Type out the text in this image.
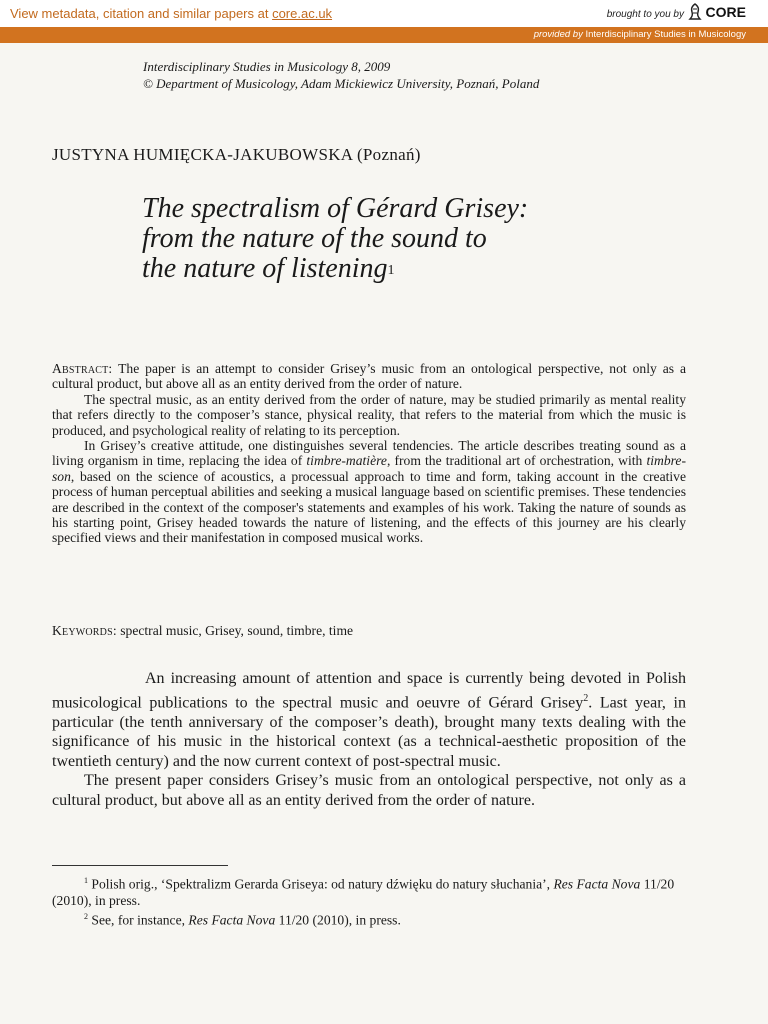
View metadata, citation and similar papers at core.ac.uk	brought to you by CORE
provided by Interdisciplinary Studies in Musicology
Interdisciplinary Studies in Musicology 8, 2009
© Department of Musicology, Adam Mickiewicz University, Poznań, Poland
JUSTYNA HUMIĘCKA-JAKUBOWSKA (Poznań)
The spectralism of Gérard Grisey:
from the nature of the sound to
the nature of listening$^1$

Abstract: The paper is an attempt to consider Grisey’s music from an ontological perspective, not only as a cultural product, but above all as an entity derived from the order of nature.

The spectral music, as an entity derived from the order of nature, may be studied primarily as mental reality that refers directly to the composer’s stance, physical reality, that refers to the material from which the music is produced, and psychological reality of relating to its perception.

In Grisey’s creative attitude, one distinguishes several tendencies. The article describes treating sound as a living organism in time, replacing the idea of timbre-matière, from the traditional art of orchestration, with timbre-son, based on the science of acoustics, a processual approach to time and form, taking account in the creative process of human perceptual abilities and seeking a musical language based on scientific premises. These tendencies are described in the context of the composer's statements and examples of his work. Taking the nature of sounds as his starting point, Grisey headed towards the nature of listening, and the effects of this journey are his clearly specified views and their manifestation in composed musical works.

Keywords: spectral music, Grisey, sound, timbre, time

An increasing amount of attention and space is currently being devoted in Polish musicological publications to the spectral music and oeuvre of Gérard Grisey$^2$. Last year, in particular (the tenth anniversary of the composer’s death), brought many texts dealing with the significance of his music in the historical context (as a technical-aesthetic proposition of the twentieth century) and the now current context of post-spectral music.

The present paper considers Grisey’s music from an ontological perspective, not only as a cultural product, but above all as an entity derived from the order of nature.

$^1$ Polish orig., ‘Spektralizm Gerarda Griseya: od natury dźwięku do natury słuchania’, Res Facta Nova 11/20 (2010), in press.

$^2$ See, for instance, Res Facta Nova 11/20 (2010), in press.
